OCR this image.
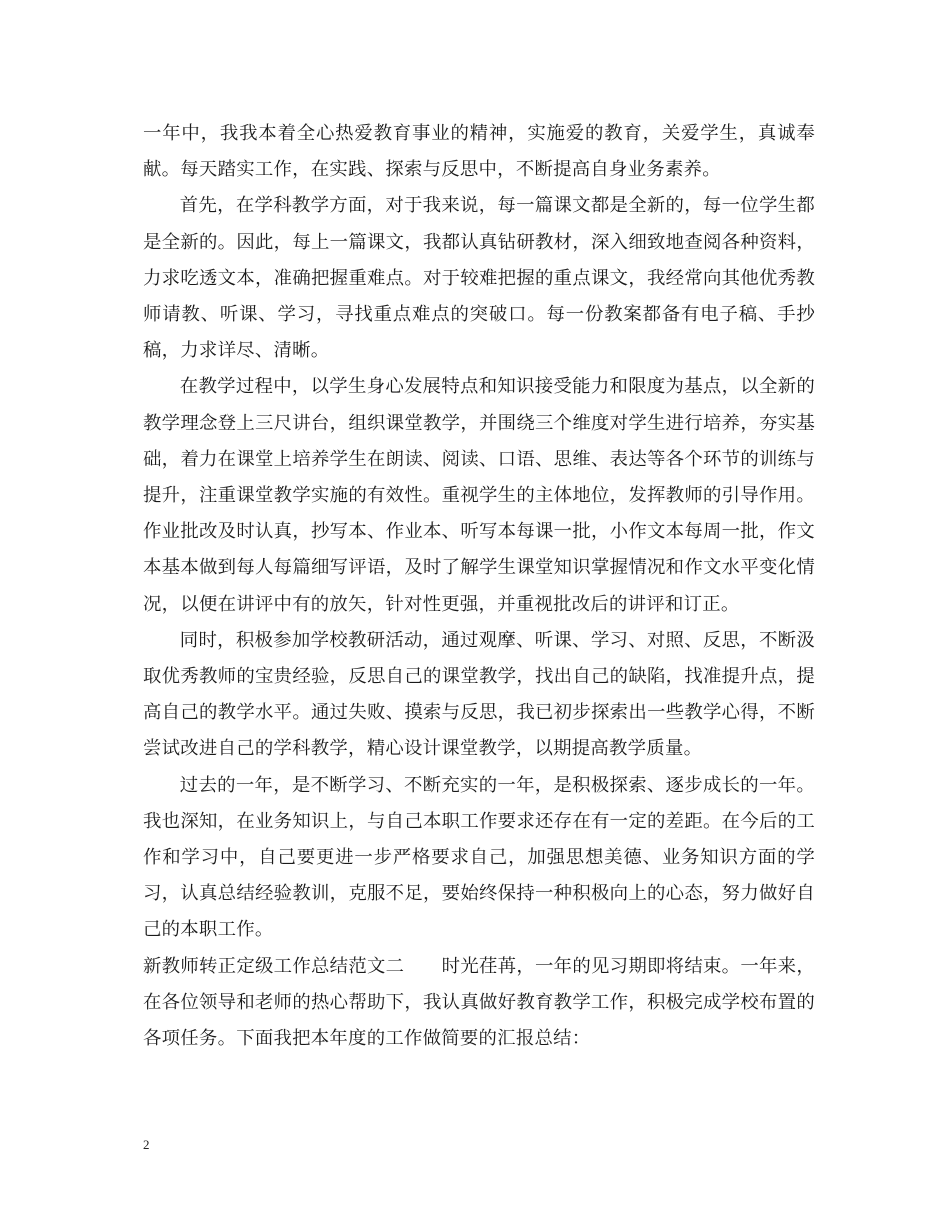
一年中，我我本着全心热爱教育事业的精神，实施爱的教育，关爱学生，真诚奉献。每天踏实工作，在实践、探索与反思中，不断提高自身业务素养。

首先，在学科教学方面，对于我来说，每一篇课文都是全新的，每一位学生都是全新的。因此，每上一篇课文，我都认真钻研教材，深入细致地查阅各种资料，力求吃透文本，准确把握重难点。对于较难把握的重点课文，我经常向其他优秀教师请教、听课、学习，寻找重点难点的突破口。每一份教案都备有电子稿、手抄稿，力求详尽、清晰。

在教学过程中，以学生身心发展特点和知识接受能力和限度为基点，以全新的教学理念登上三尺讲台，组织课堂教学，并围绕三个维度对学生进行培养，夯实基础，着力在课堂上培养学生在朗读、阅读、口语、思维、表达等各个环节的训练与提升，注重课堂教学实施的有效性。重视学生的主体地位，发挥教师的引导作用。作业批改及时认真，抄写本、作业本、听写本每课一批，小作文本每周一批，作文本基本做到每人每篇细写评语，及时了解学生课堂知识掌握情况和作文水平变化情况，以便在讲评中有的放矢，针对性更强，并重视批改后的讲评和订正。

同时，积极参加学校教研活动，通过观摩、听课、学习、对照、反思，不断汲取优秀教师的宝贵经验，反思自己的课堂教学，找出自己的缺陷，找准提升点，提高自己的教学水平。通过失败、摸索与反思，我已初步探索出一些教学心得，不断尝试改进自己的学科教学，精心设计课堂教学，以期提高教学质量。

过去的一年，是不断学习、不断充实的一年，是积极探索、逐步成长的一年。我也深知，在业务知识上，与自己本职工作要求还存在有一定的差距。在今后的工作和学习中，自己要更进一步严格要求自己，加强思想美德、业务知识方面的学习，认真总结经验教训，克服不足，要始终保持一种积极向上的心态，努力做好自己的本职工作。

新教师转正定级工作总结范文二　　时光荏苒，一年的见习期即将结束。一年来，在各位领导和老师的热心帮助下，我认真做好教育教学工作，积极完成学校布置的各项任务。下面我把本年度的工作做简要的汇报总结：

2
